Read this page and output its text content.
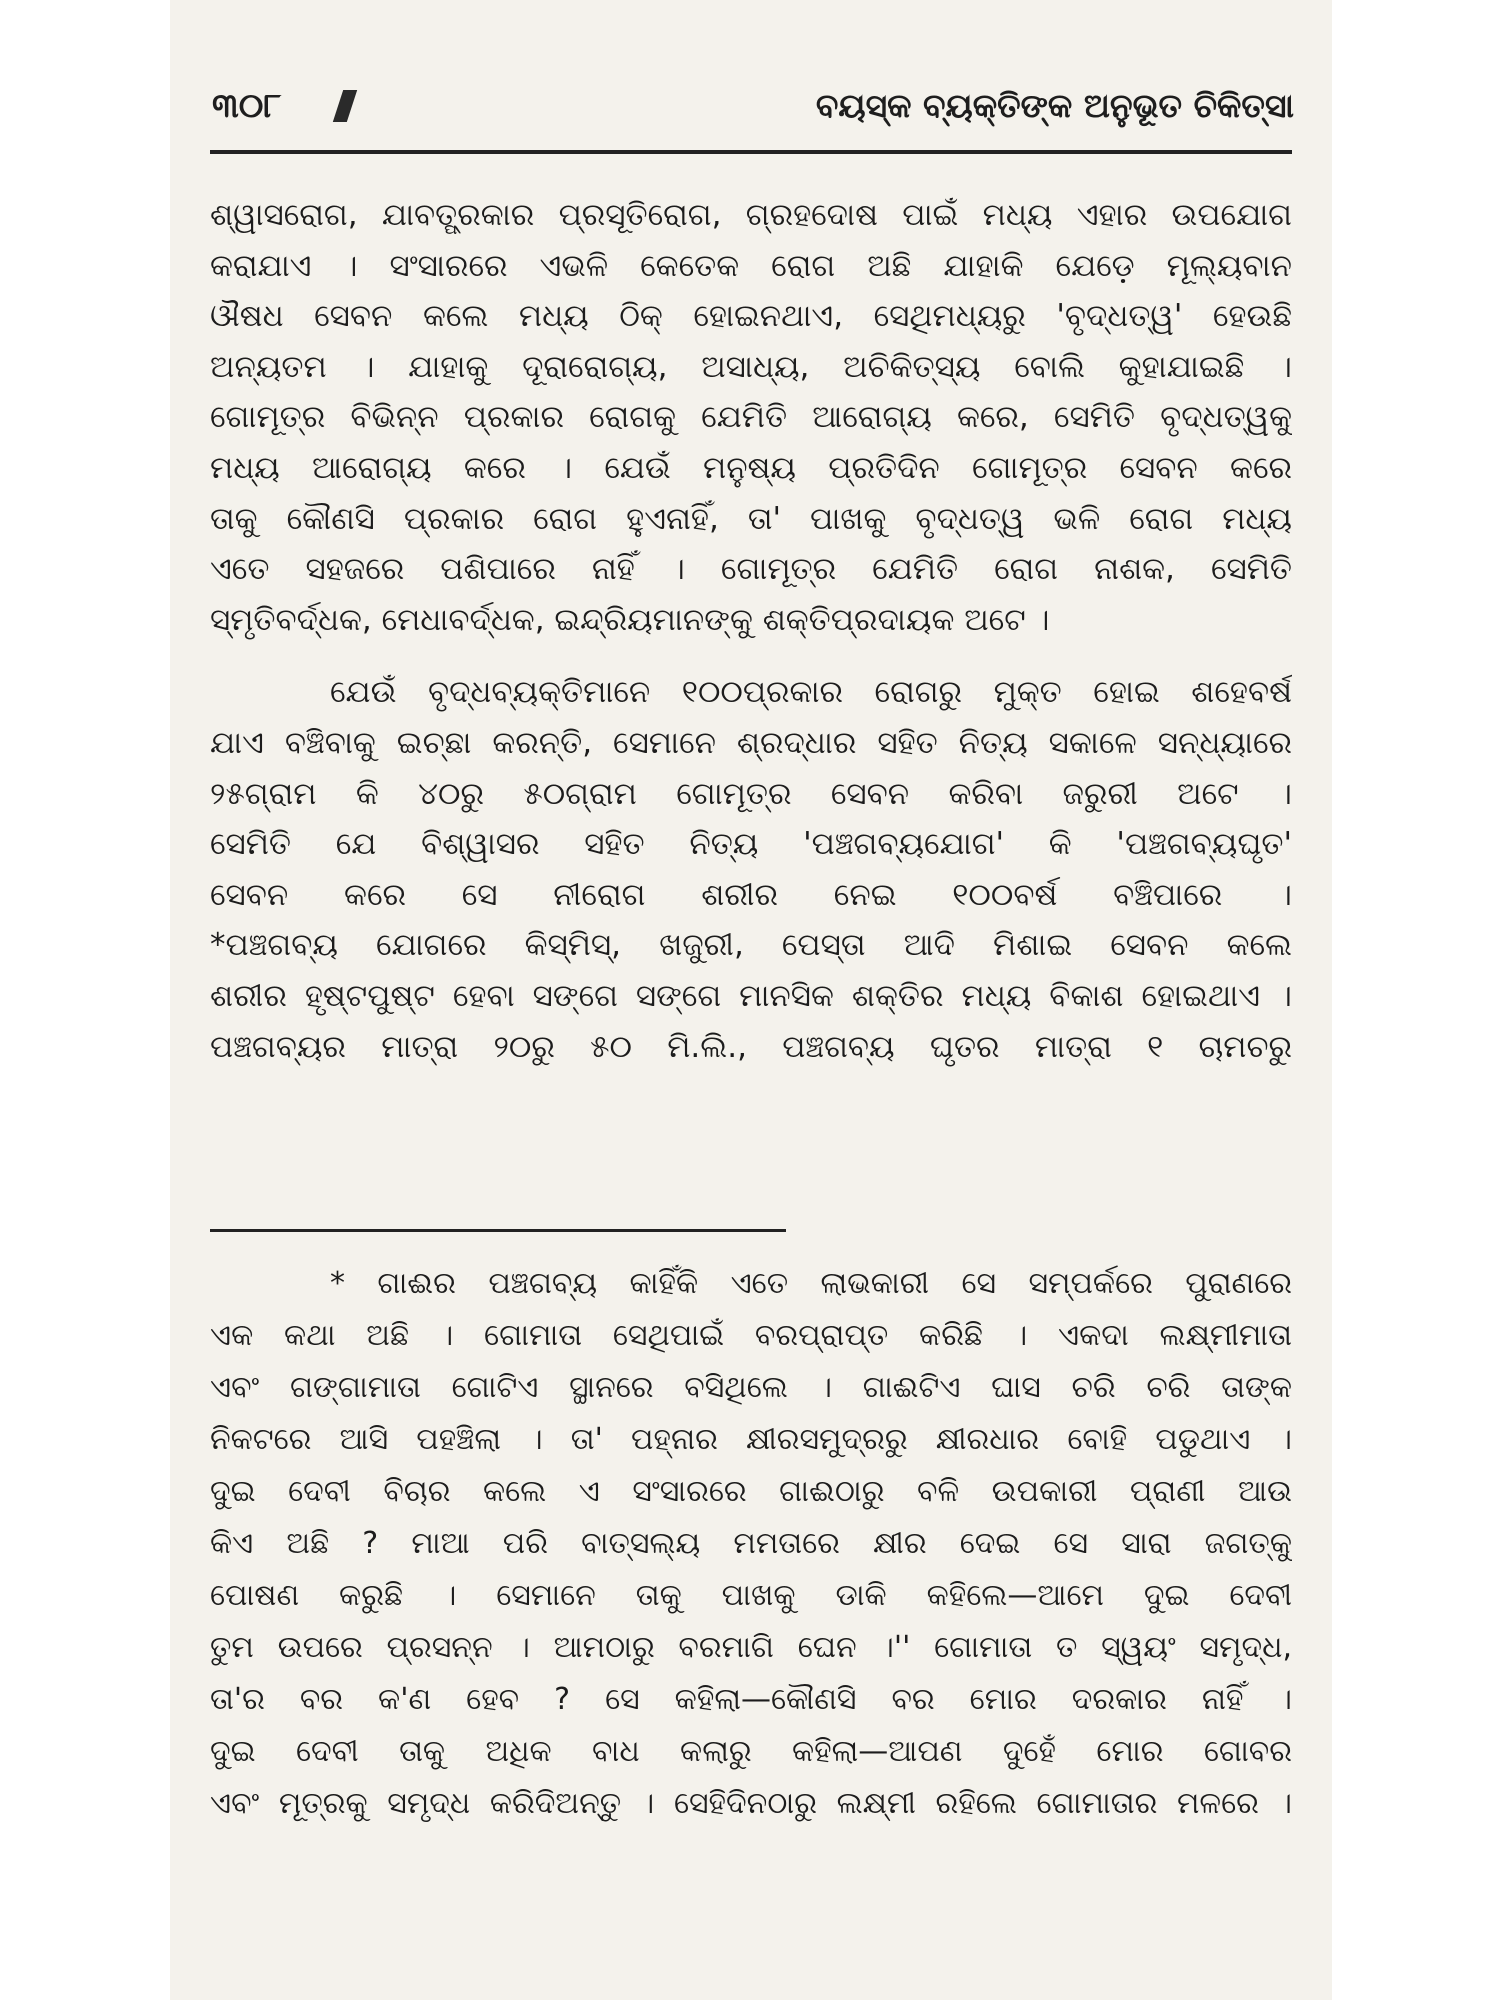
୩୦୮	ବୟସ୍କ ବ୍ୟକ୍ତିଙ୍କ ଅନୁଭୂତ ଚିକିତ୍ସା
ଶ୍ୱାସରୋଗ, ଯାବତ୍ପ୍ରକାର ପ୍ରସୂତିରୋଗ, ଗ୍ରହଦୋଷ ପାଇଁ ମଧ୍ୟ ଏହାର ଉପଯୋଗ
କରାଯାଏ । ସଂସାରରେ ଏଭଳି କେତେକ ରୋଗ ଅଛି ଯାହାକି ଯେଡ଼େ ମୂଲ୍ୟବାନ
ଔଷଧ ସେବନ କଲେ ମଧ୍ୟ ଠିକ୍ ହୋଇନଥାଏ, ସେଥିମଧ୍ୟରୁ 'ବୃଦ୍ଧତ୍ୱ' ହେଉଛି
ଅନ୍ୟତମ । ଯାହାକୁ ଦୂରାରୋଗ୍ୟ, ଅସାଧ୍ୟ, ଅଚିକିତ୍ସ୍ୟ ବୋଲି କୁହାଯାଇଛି ।
ଗୋମୂତ୍ର ବିଭିନ୍ନ ପ୍ରକାର ରୋଗକୁ ଯେମିତି ଆରୋଗ୍ୟ କରେ, ସେମିତି ବୃଦ୍ଧତ୍ୱକୁ
ମଧ୍ୟ ଆରୋଗ୍ୟ କରେ । ଯେଉଁ ମନୁଷ୍ୟ ପ୍ରତିଦିନ ଗୋମୂତ୍ର ସେବନ କରେ
ତାକୁ କୌଣସି ପ୍ରକାର ରୋଗ ହୁଏନାହିଁ, ତା' ପାଖକୁ ବୃଦ୍ଧତ୍ୱ ଭଳି ରୋଗ ମଧ୍ୟ
ଏତେ ସହଜରେ ପଶିପାରେ ନାହିଁ । ଗୋମୂତ୍ର ଯେମିତି ରୋଗ ନାଶକ, ସେମିତି
ସ୍ମୃତିବର୍ଦ୍ଧକ, ମେଧାବର୍ଦ୍ଧକ, ଇନ୍ଦ୍ରିୟମାନଙ୍କୁ ଶକ୍ତିପ୍ରଦାୟକ ଅଟେ ।
ଯେଉଁ ବୃଦ୍ଧବ୍ୟକ୍ତିମାନେ ୧୦୦ପ୍ରକାର ରୋଗରୁ ମୁକ୍ତ ହୋଇ ଶହେବର୍ଷ
ଯାଏ ବଞ୍ଚିବାକୁ ଇଚ୍ଛା କରନ୍ତି, ସେମାନେ ଶ୍ରଦ୍ଧାର ସହିତ ନିତ୍ୟ ସକାଳେ ସନ୍ଧ୍ୟାରେ
୨୫ଗ୍ରାମ କି ୪୦ରୁ ୫୦ଗ୍ରାମ ଗୋମୂତ୍ର ସେବନ କରିବା ଜରୁରୀ ଅଟେ ।
ସେମିତି ଯେ ବିଶ୍ୱାସର ସହିତ ନିତ୍ୟ 'ପଞ୍ଚଗବ୍ୟଯୋଗ' କି 'ପଞ୍ଚଗବ୍ୟଘୃତ'
ସେବନ କରେ ସେ ନୀରୋଗ ଶରୀର ନେଇ ୧୦୦ବର୍ଷ ବଞ୍ଚିପାରେ ।
*ପଞ୍ଚଗବ୍ୟ ଯୋଗରେ କିସ୍‌ମିସ୍, ଖଜୁରୀ, ପେସ୍ତା ଆଦି ମିଶାଇ ସେବନ କଲେ
ଶରୀର ହୃଷ୍ଟପୁଷ୍ଟ ହେବା ସଙ୍ଗେ ସଙ୍ଗେ ମାନସିକ ଶକ୍ତିର ମଧ୍ୟ ବିକାଶ ହୋଇଥାଏ ।
ପଞ୍ଚଗବ୍ୟର ମାତ୍ରା ୨୦ରୁ ୫୦ ମି.ଲି., ପଞ୍ଚଗବ୍ୟ ଘୃତର ମାତ୍ରା ୧ ଚାମଚରୁ
* ଗାଈର ପଞ୍ଚଗବ୍ୟ କାହିଁକି ଏତେ ଲାଭକାରୀ ସେ ସମ୍ପର୍କରେ ପୁରାଣରେ
ଏକ କଥା ଅଛି । ଗୋମାତା ସେଥିପାଇଁ ବରପ୍ରାପ୍ତ କରିଛି । ଏକଦା ଲକ୍ଷ୍ମୀମାତା
ଏବଂ ଗଙ୍ଗାମାତା ଗୋଟିଏ ସ୍ଥାନରେ ବସିଥିଲେ । ଗାଈଟିଏ ଘାସ ଚରି ଚରି ତାଙ୍କ
ନିକଟରେ ଆସି ପହଞ୍ଚିଲା । ତା' ପହ୍ନାର କ୍ଷୀରସମୁଦ୍ରରୁ କ୍ଷୀରଧାର ବୋହି ପଡୁଥାଏ ।
ଦୁଇ ଦେବୀ ବିଚାର କଲେ ଏ ସଂସାରରେ ଗାଈଠାରୁ ବଳି ଉପକାରୀ ପ୍ରାଣୀ ଆଉ
କିଏ ଅଛି ? ମାଆ ପରି ବାତ୍ସଲ୍ୟ ମମତାରେ କ୍ଷୀର ଦେଇ ସେ ସାରା ଜଗତ୍‌କୁ
ପୋଷଣ କରୁଛି । ସେମାନେ ତାକୁ ପାଖକୁ ଡାକି କହିଲେ—ଆମେ ଦୁଇ ଦେବୀ
ତୁମ ଉପରେ ପ୍ରସନ୍ନ । ଆମଠାରୁ ବରମାଗି ଘେନ ।'' ଗୋମାତା ତ ସ୍ୱୟଂ ସମୃଦ୍ଧ,
ତା'ର ବର କ'ଣ ହେବ ? ସେ କହିଲା—କୌଣସି ବର ମୋର ଦରକାର ନାହିଁ ।
ଦୁଇ ଦେବୀ ତାକୁ ଅଧିକ ବାଧ କଲାରୁ କହିଲା—ଆପଣ ଦୁହେଁ ମୋର ଗୋବର
ଏବଂ ମୂତ୍ରକୁ ସମୃଦ୍ଧ କରିଦିଅନ୍ତୁ । ସେହିଦିନଠାରୁ ଲକ୍ଷ୍ମୀ ରହିଲେ ଗୋମାତାର ମଳରେ ।
